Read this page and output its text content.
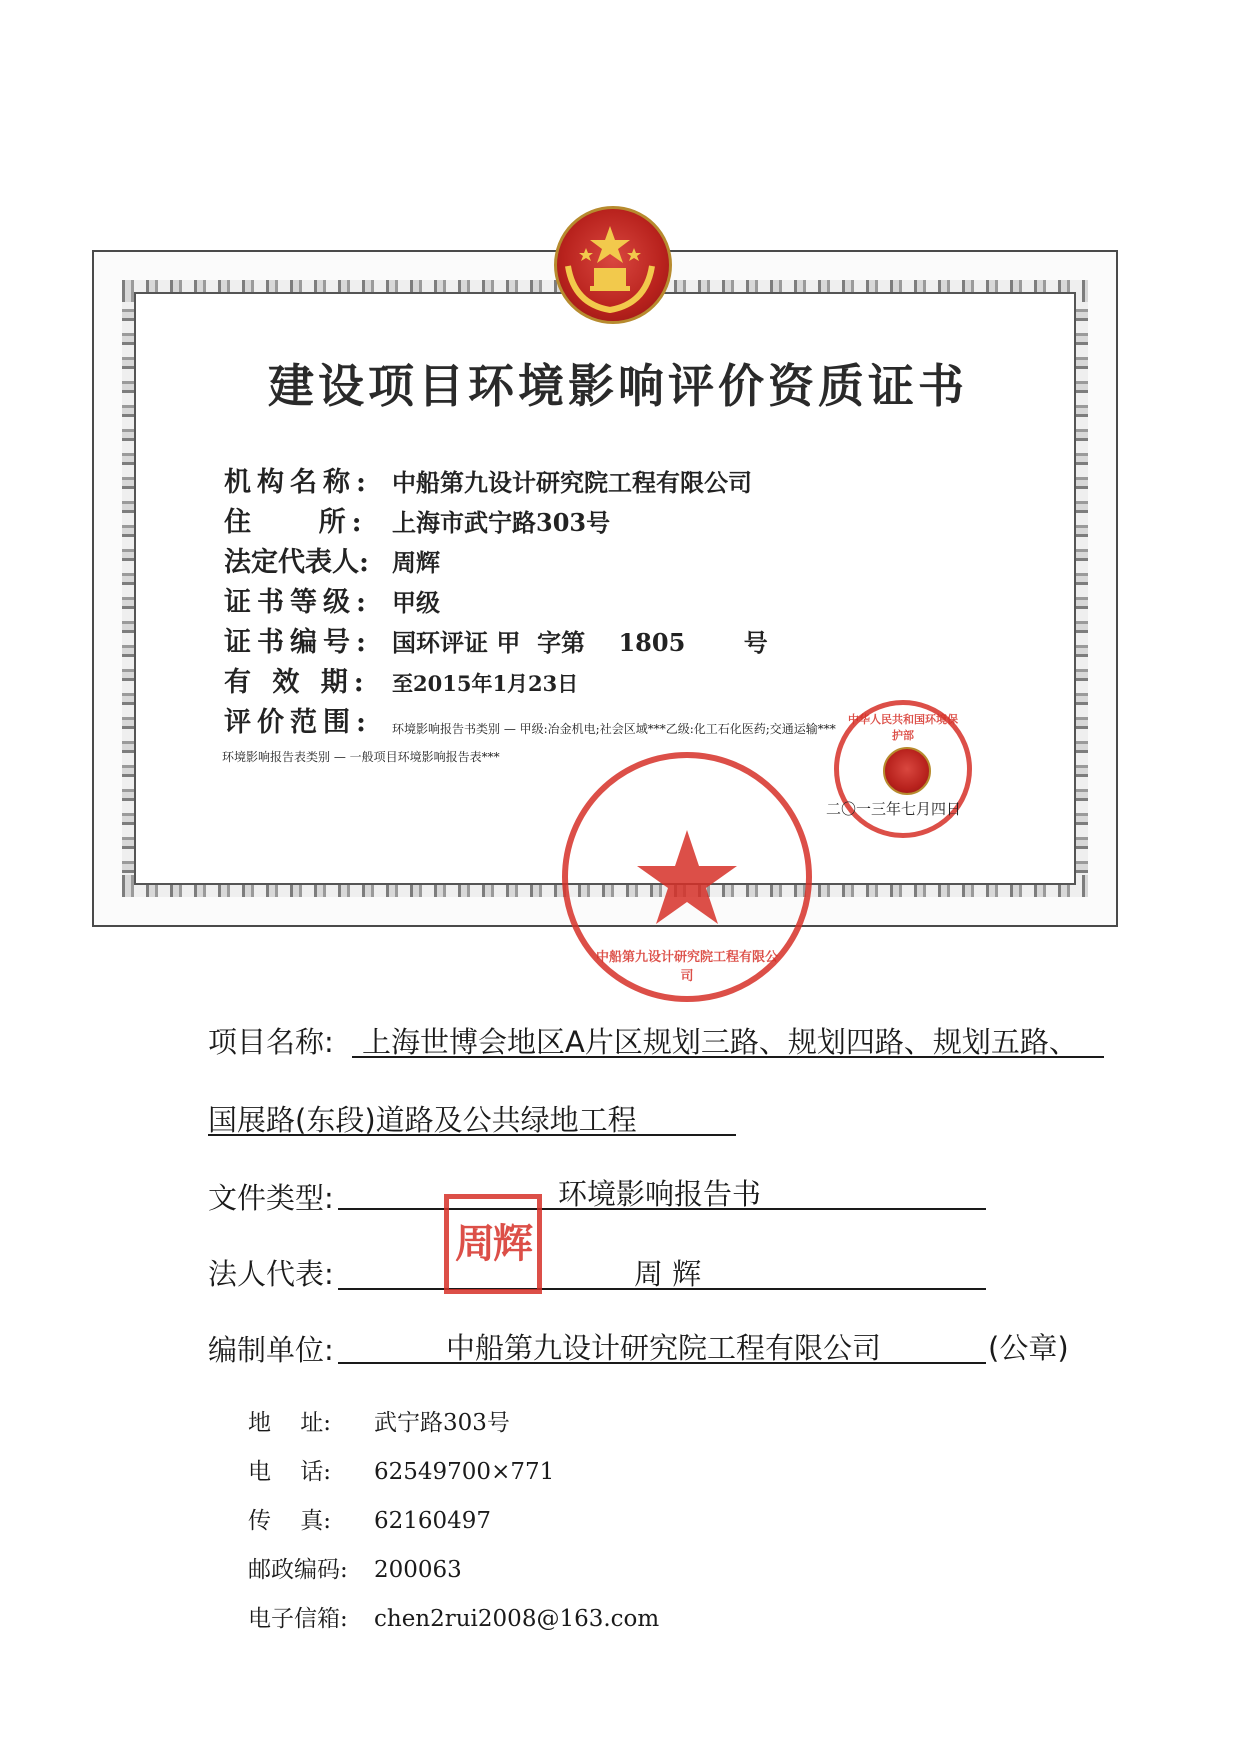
建设项目环境影响评价资质证书
机构名称: 中船第九设计研究院工程有限公司
住    所: 上海市武宁路303号
法定代表人: 周辉
证书等级: 甲级
证书编号: 国环评证 甲  字第    1805       号
有 效 期: 至2015年1月23日
评价范围:	环境影响报告书类别 — 甲级:冶金机电;社会区域***乙级:化工石化医药;交通运输***
环境影响报告表类别 — 一般项目环境影响报告表***
中华人民共和国环境保护部
二〇一三年七月四日
中船第九设计研究院工程有限公司
项目名称: 上海世博会地区A片区规划三路、规划四路、规划五路、
国展路(东段)道路及公共绿地工程
文件类型:	环境影响报告书
法人代表:	周 辉
周辉
编制单位:	中船第九设计研究院工程有限公司	(公章)
地    址: 武宁路303号
电    话: 62549700×771
传    真: 62160497
邮政编码: 200063
电子信箱: chen2rui2008@163.com
